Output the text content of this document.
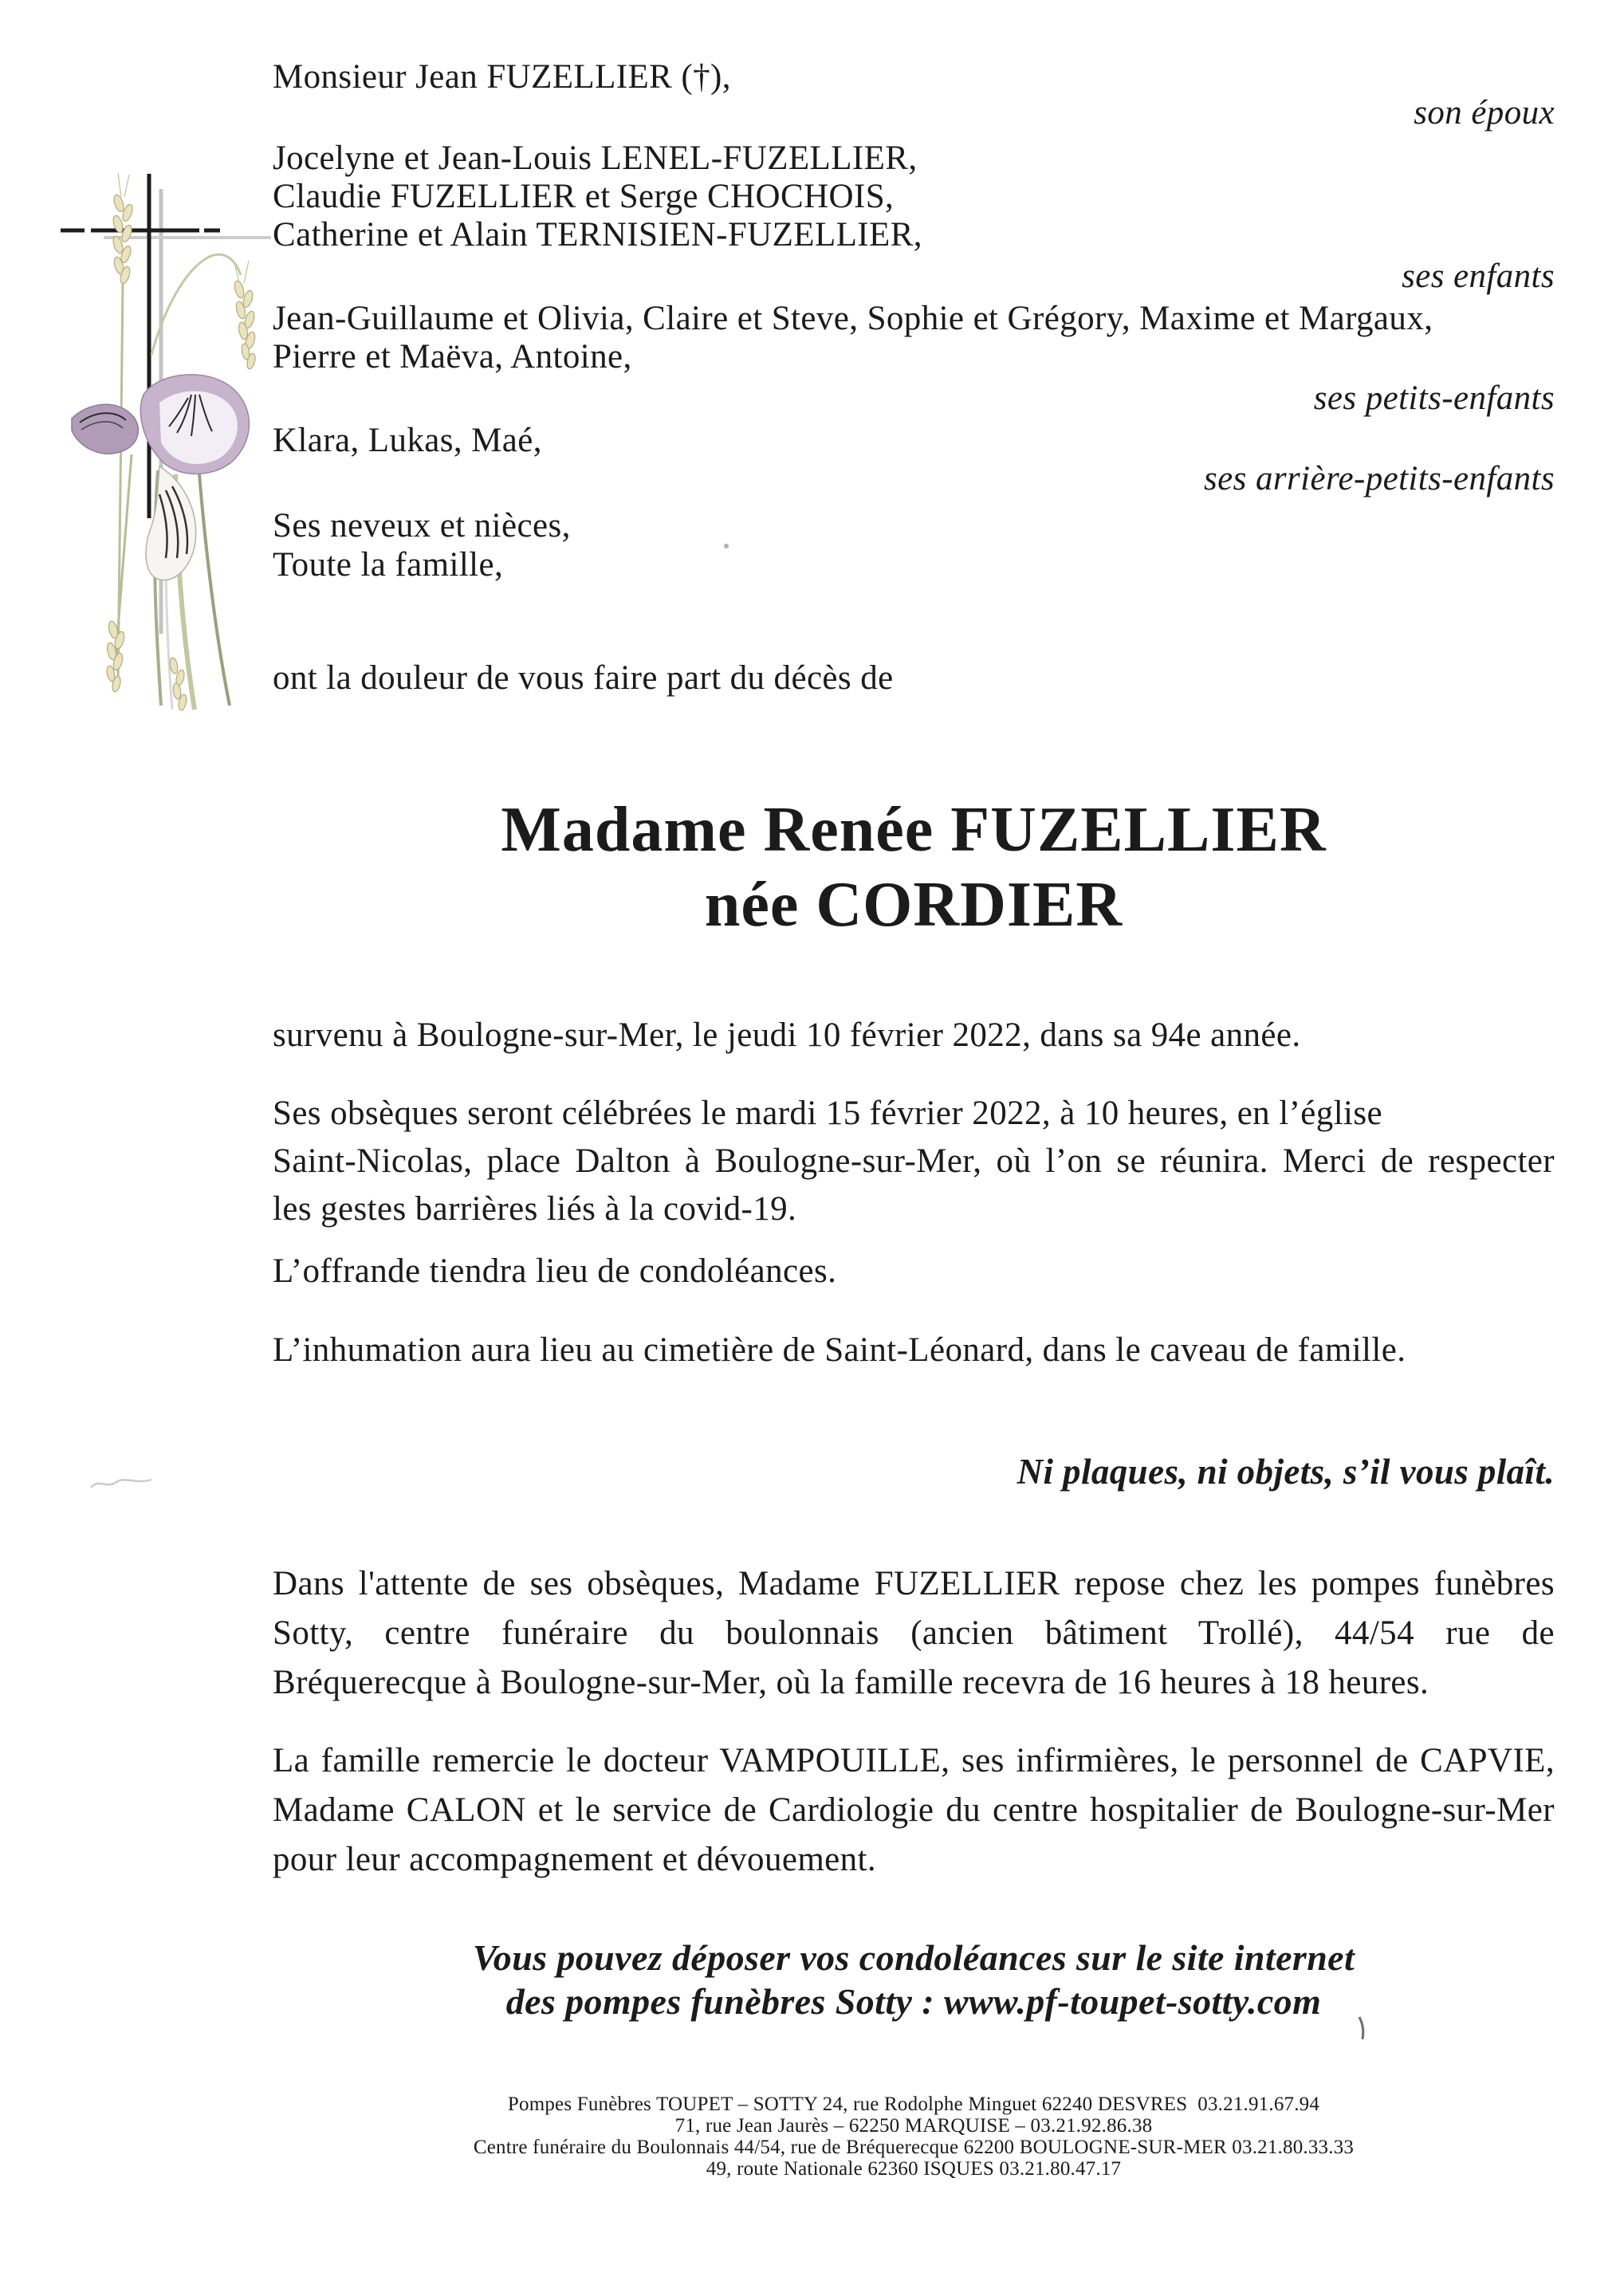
Monsieur Jean FUZELLIER (†),
son époux
Jocelyne et Jean-Louis LENEL-FUZELLIER,
Claudie FUZELLIER et Serge CHOCHOIS,
Catherine et Alain TERNISIEN-FUZELLIER,
ses enfants
Jean-Guillaume et Olivia, Claire et Steve, Sophie et Grégory, Maxime et Margaux,
Pierre et Maëva, Antoine,
ses petits-enfants
Klara, Lukas, Maé,
ses arrière-petits-enfants
Ses neveux et nièces,
Toute la famille,
ont la douleur de vous faire part du décès de
Madame Renée FUZELLIER
née CORDIER
survenu à Boulogne-sur-Mer, le jeudi 10 février 2022, dans sa 94e année.
Ses obsèques seront célébrées le mardi 15 février 2022, à 10 heures, en l’église
Saint-Nicolas, place Dalton à Boulogne-sur-Mer, où l’on se réunira. Merci de respecter
les gestes barrières liés à la covid-19.
L’offrande tiendra lieu de condoléances.
L’inhumation aura lieu au cimetière de Saint-Léonard, dans le caveau de famille.
Ni plaques, ni objets, s’il vous plaît.
Dans l'attente de ses obsèques, Madame FUZELLIER repose chez les pompes funèbres
Sotty, centre funéraire du boulonnais (ancien bâtiment Trollé), 44/54 rue de
Bréquerecque à Boulogne-sur-Mer, où la famille recevra de 16 heures à 18 heures.
La famille remercie le docteur VAMPOUILLE, ses infirmières, le personnel de CAPVIE,
Madame CALON et le service de Cardiologie du centre hospitalier de Boulogne-sur-Mer
pour leur accompagnement et dévouement.
Vous pouvez déposer vos condoléances sur le site internet
des pompes funèbres Sotty : www.pf-toupet-sotty.com
Pompes Funèbres TOUPET – SOTTY 24, rue Rodolphe Minguet 62240 DESVRES  03.21.91.67.94
71, rue Jean Jaurès – 62250 MARQUISE – 03.21.92.86.38
Centre funéraire du Boulonnais 44/54, rue de Bréquerecque 62200 BOULOGNE-SUR-MER 03.21.80.33.33
49, route Nationale 62360 ISQUES 03.21.80.47.17
